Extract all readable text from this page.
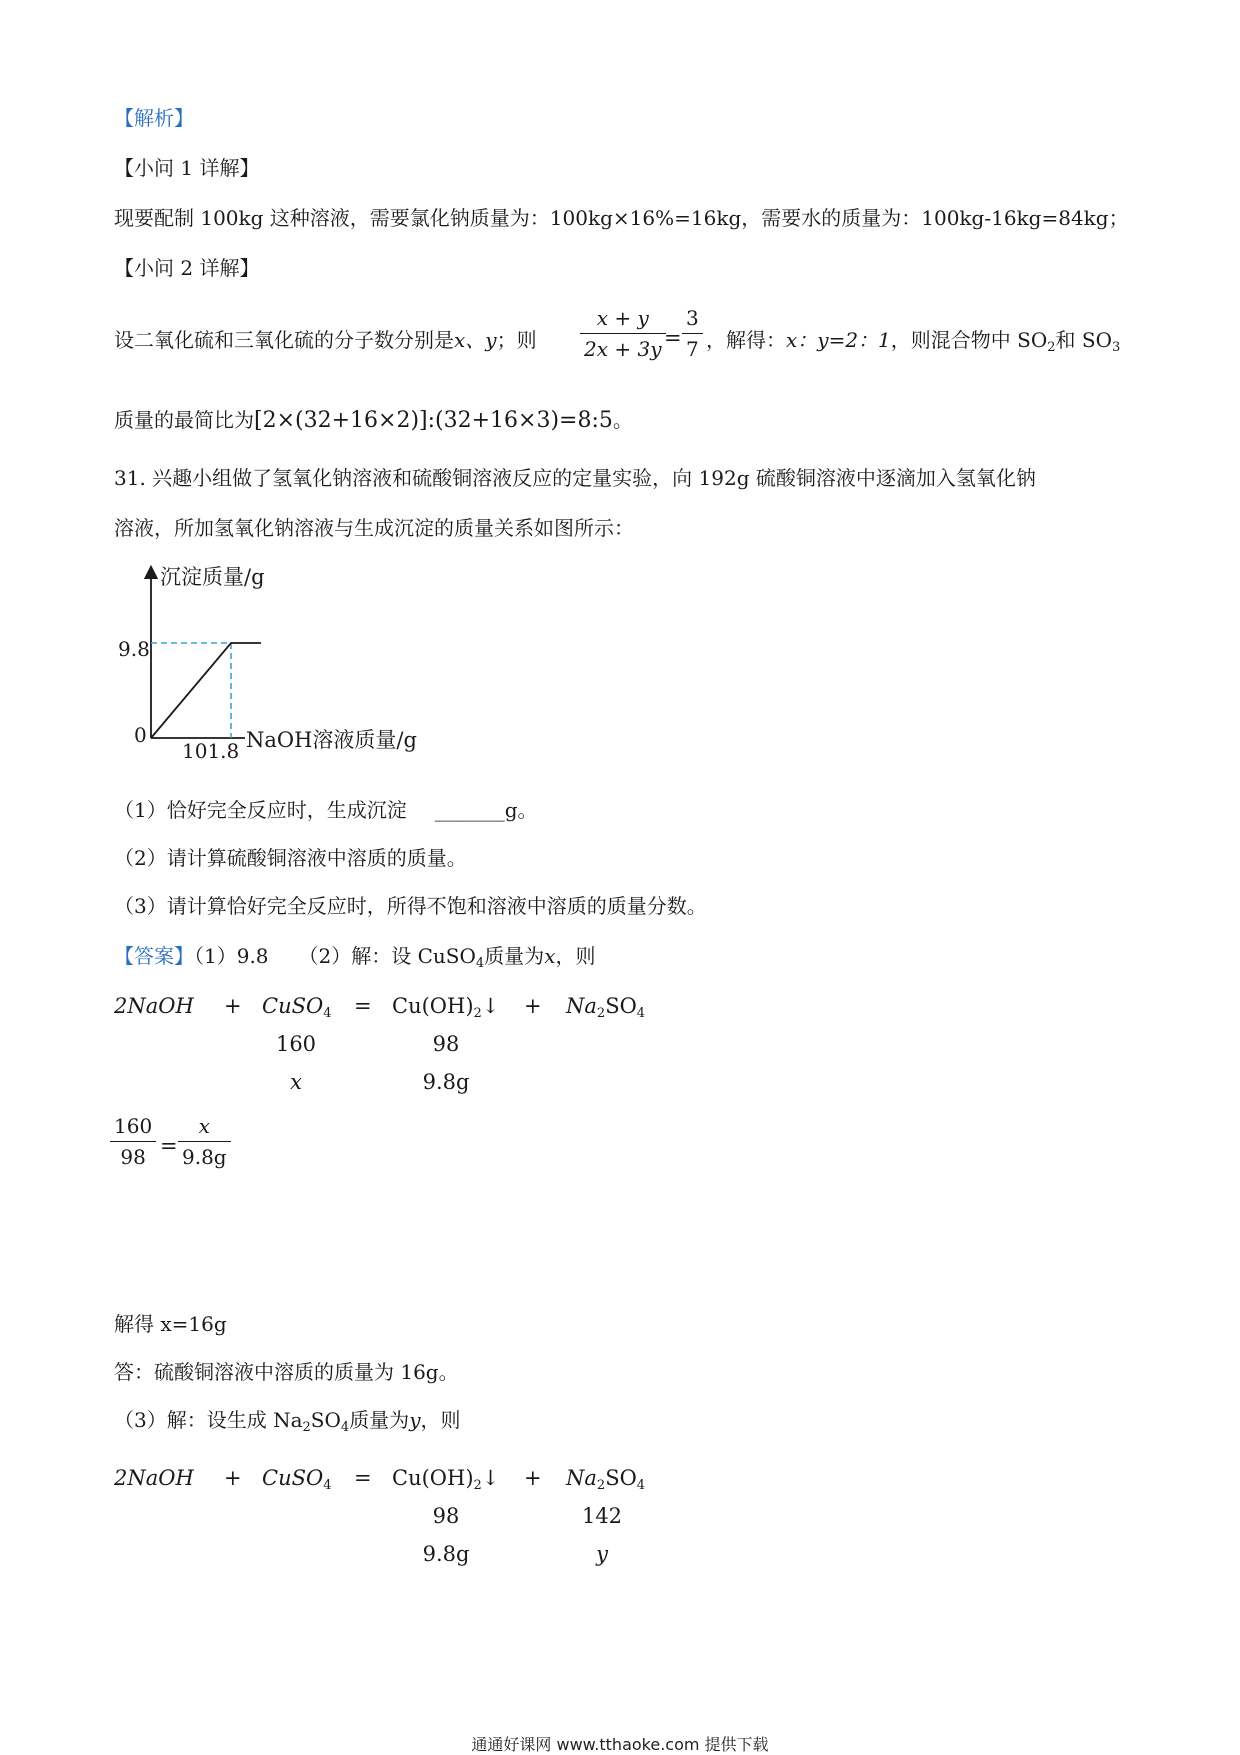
【解析】
【小问 1 详解】
现要配制 100kg 这种溶液，需要氯化钠质量为：100kg×16%=16kg，需要水的质量为：100kg-16kg=84kg；
【小问 2 详解】
设二氧化硫和三氧化硫的分子数分别是x、y；则 $\frac{x + y}{2x + 3y}$
= $\frac{3}{7}$ ，解得：x：y=2：1，则混合物中 $SO_2$和 $SO_3$
质量的最简比为[2×(32+16×2)]:(32+16×3)=8:5。
31. 兴趣小组做了氢氧化钠溶液和硫酸铜溶液反应的定量实验，向 192g 硫酸铜溶液中逐滴加入氢氧化钠
溶液，所加氢氧化钠溶液与生成沉淀的质量关系如图所示：
沉淀质量/g
NaOH溶液质量/g
0
9.8
101.8
（1）恰好完全反应时，生成沉淀 _______g。
（2）请计算硫酸铜溶液中溶质的质量。
（3）请计算恰好完全反应时，所得不饱和溶液中溶质的质量分数。
【答案】（1）9.8　　（2）解：设 CuSO$_4$质量为x，则
2NaOH + CuSO$_4$ = $Cu(OH)_2↓ + Na_2SO_4$
160	98
x	9.8g
$\frac{160}{98} = \frac{x}{9.8g}$
解得 x=16g
答：硫酸铜溶液中溶质的质量为 16g。
（3）解：设生成 $Na_2SO_4$质量为y，则
2NaOH + CuSO$_4$ = $Cu(OH)_2↓ + Na_2SO_4$
98	142
9.8g	y
通通好课网 www.tthaoke.com 提供下载
